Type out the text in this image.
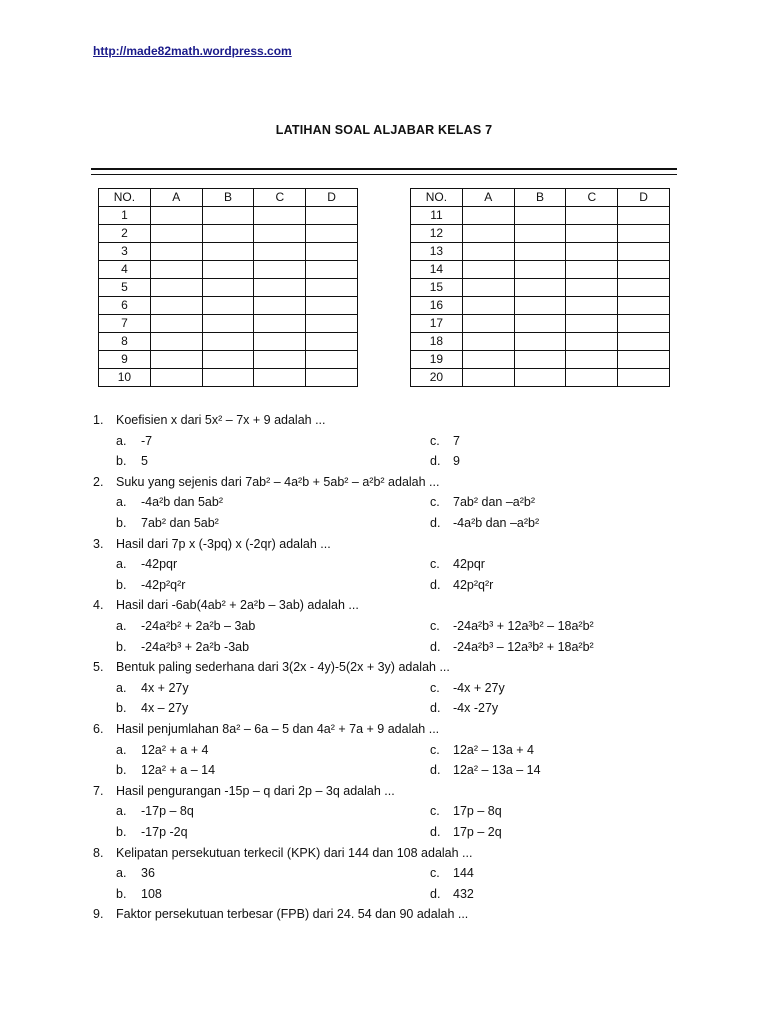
http://made82math.wordpress.com
LATIHAN SOAL ALJABAR KELAS 7
NO.	A	B	C	D
1				
2				
3				
4				
5				
6				
7				
8				
9				
10				
NO.	A	B	C	D
11				
12				
13				
14				
15				
16				
17				
18				
19				
20				
1. Koefisien x dari 5x² – 7x + 9 adalah ...
a. -7	c. 7
b. 5	d. 9
2. Suku yang sejenis dari 7ab² – 4a²b + 5ab² – a²b² adalah ...
a. -4a²b dan 5ab²	c. 7ab² dan –a²b²
b. 7ab² dan 5ab²	d. -4a²b dan –a²b²
3. Hasil dari 7p x (-3pq) x (-2qr) adalah ...
a. -42pqr	c. 42pqr
b. -42p²q²r	d. 42p²q²r
4. Hasil dari -6ab(4ab² + 2a²b – 3ab) adalah ...
a. -24a²b² + 2a²b – 3ab	c. -24a²b³ + 12a³b² – 18a²b²
b. -24a²b³ + 2a²b -3ab	d. -24a²b³ – 12a³b² + 18a²b²
5. Bentuk paling sederhana dari 3(2x - 4y)-5(2x + 3y) adalah ...
a. 4x + 27y	c. -4x + 27y
b. 4x – 27y	d. -4x -27y
6. Hasil penjumlahan 8a² – 6a – 5 dan 4a² + 7a + 9 adalah ...
a. 12a² + a + 4	c. 12a² – 13a + 4
b. 12a² + a – 14	d. 12a² – 13a – 14
7. Hasil pengurangan -15p – q dari 2p – 3q adalah ...
a. -17p – 8q	c. 17p – 8q
b. -17p -2q	d. 17p – 2q
8. Kelipatan persekutuan terkecil (KPK) dari 144 dan 108 adalah ...
a. 36	c. 144
b. 108	d. 432
9. Faktor persekutuan terbesar (FPB) dari 24. 54 dan 90 adalah ...
